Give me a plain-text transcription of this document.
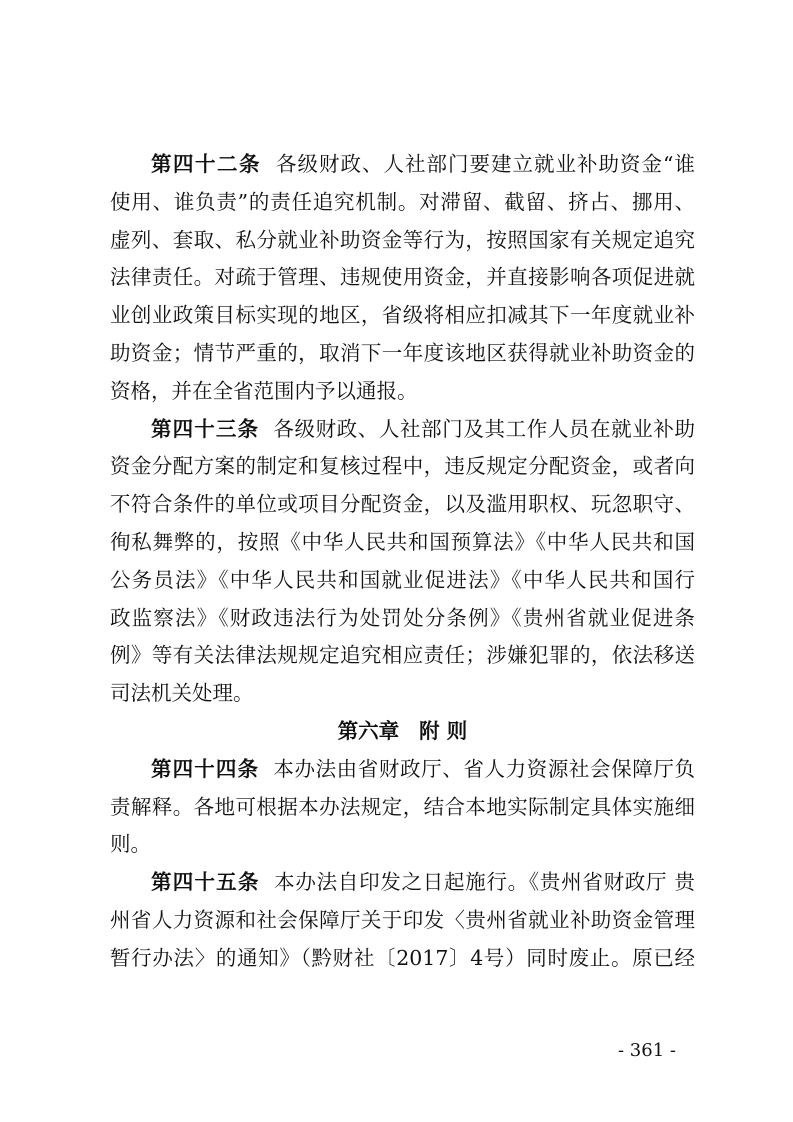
第四十二条 各级财政、人社部门要建立就业补助资金“谁
使用、谁负责”的责任追究机制。对滞留、截留、挤占、挪用、
虚列、套取、私分就业补助资金等行为，按照国家有关规定追究
法律责任。对疏于管理、违规使用资金，并直接影响各项促进就
业创业政策目标实现的地区，省级将相应扣减其下一年度就业补
助资金；情节严重的，取消下一年度该地区获得就业补助资金的
资格，并在全省范围内予以通报。
第四十三条 各级财政、人社部门及其工作人员在就业补助
资金分配方案的制定和复核过程中，违反规定分配资金，或者向
不符合条件的单位或项目分配资金，以及滥用职权、玩忽职守、
徇私舞弊的，按照《中华人民共和国预算法》《中华人民共和国
公务员法》《中华人民共和国就业促进法》《中华人民共和国行
政监察法》《财政违法行为处罚处分条例》《贵州省就业促进条
例》等有关法律法规规定追究相应责任；涉嫌犯罪的，依法移送
司法机关处理。
第六章 附 则
第四十四条 本办法由省财政厅、省人力资源社会保障厅负
责解释。各地可根据本办法规定，结合本地实际制定具体实施细
则。
第四十五条 本办法自印发之日起施行。《贵州省财政厅 贵
州省人力资源和社会保障厅关于印发〈贵州省就业补助资金管理
暂行办法〉的通知》（黔财社〔2017〕4号）同时废止。原已经
- 361 -
